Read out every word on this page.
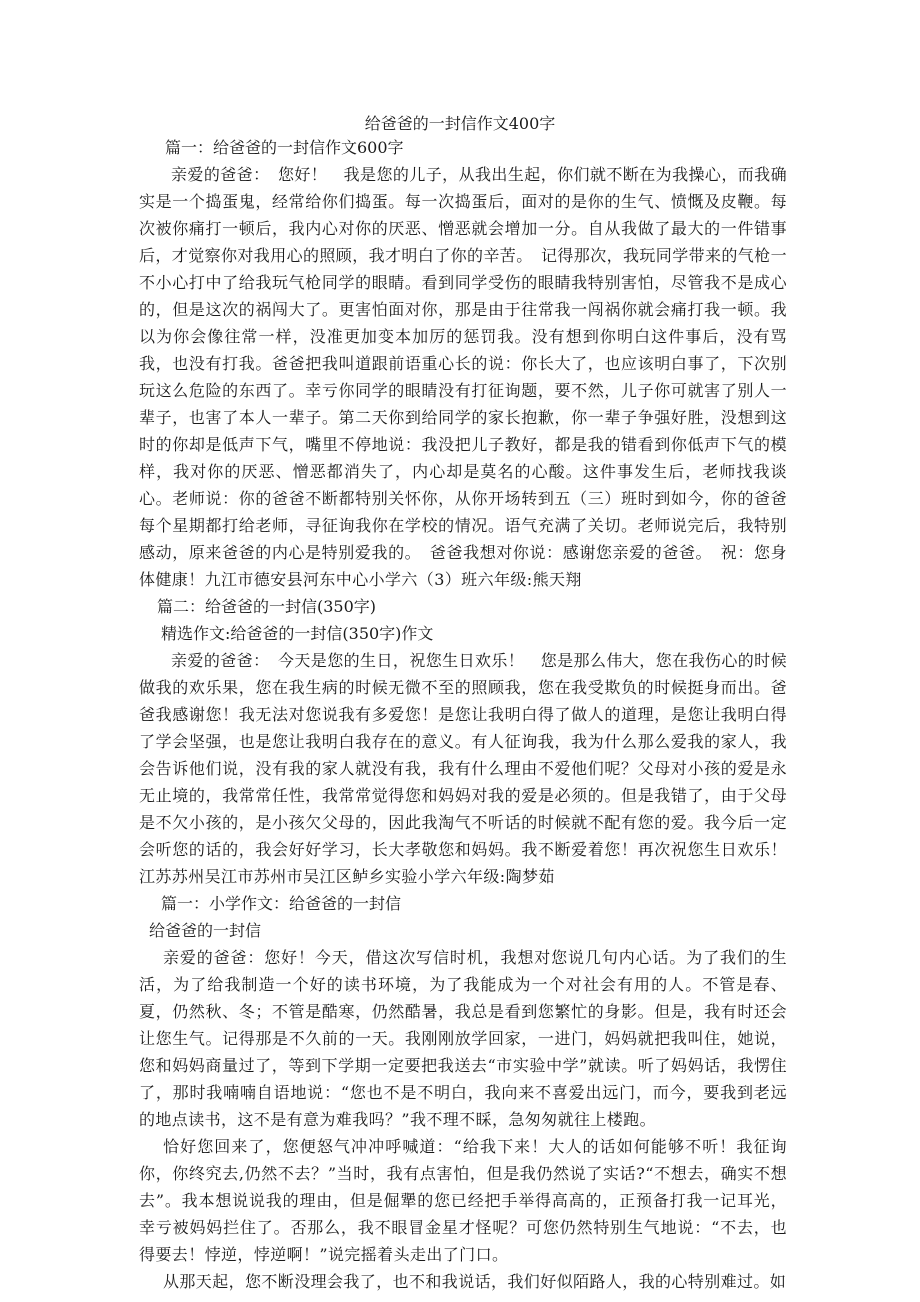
给爸爸的一封信作文400字

篇一：给爸爸的一封信作文600字

亲爱的爸爸：　您好！　我是您的儿子，从我出生起，你们就不断在为我操心，而我确实是一个捣蛋鬼，经常给你们捣蛋。每一次捣蛋后，面对的是你的生气、愤慨及皮鞭。每次被你痛打一顿后，我内心对你的厌恶、憎恶就会增加一分。自从我做了最大的一件错事后，才觉察你对我用心的照顾，我才明白了你的辛苦。　记得那次，我玩同学带来的气枪一不小心打中了给我玩气枪同学的眼睛。看到同学受伤的眼睛我特别害怕，尽管我不是成心的，但是这次的祸闯大了。更害怕面对你，那是由于往常我一闯祸你就会痛打我一顿。我以为你会像往常一样，没准更加变本加厉的惩罚我。没有想到你明白这件事后，没有骂我，也没有打我。爸爸把我叫道跟前语重心长的说：你长大了，也应该明白事了，下次别玩这么危险的东西了。幸亏你同学的眼睛没有打征询题，要不然，儿子你可就害了别人一辈子，也害了本人一辈子。第二天你到给同学的家长抱歉，你一辈子争强好胜，没想到这时的你却是低声下气，嘴里不停地说：我没把儿子教好，都是我的错看到你低声下气的模样，我对你的厌恶、憎恶都消失了，内心却是莫名的心酸。这件事发生后，老师找我谈心。老师说：你的爸爸不断都特别关怀你，从你开场转到五（三）班时到如今，你的爸爸每个星期都打给老师，寻征询我你在学校的情况。语气充满了关切。老师说完后，我特别感动，原来爸爸的内心是特别爱我的。　爸爸我想对你说：感谢您亲爱的爸爸。　祝：您身体健康！九江市德安县河东中心小学六（3）班六年级:熊天翔

篇二：给爸爸的一封信(350字)

精选作文:给爸爸的一封信(350字)作文

亲爱的爸爸：　今天是您的生日，祝您生日欢乐！　您是那么伟大，您在我伤心的时候做我的欢乐果，您在我生病的时候无微不至的照顾我，您在我受欺负的时候挺身而出。爸爸我感谢您！我无法对您说我有多爱您！是您让我明白得了做人的道理，是您让我明白得了学会坚强，也是您让我明白我存在的意义。有人征询我，我为什么那么爱我的家人，我会告诉他们说，没有我的家人就没有我，我有什么理由不爱他们呢？父母对小孩的爱是永无止境的，我常常任性，我常常觉得您和妈妈对我的爱是必须的。但是我错了，由于父母是不欠小孩的，是小孩欠父母的，因此我淘气不听话的时候就不配有您的爱。我今后一定会听您的话的，我会好好学习，长大孝敬您和妈妈。我不断爱着您！再次祝您生日欢乐！江苏苏州吴江市苏州市吴江区鲈乡实验小学六年级:陶梦茹

篇一：小学作文：给爸爸的一封信

给爸爸的一封信

亲爱的爸爸：您好！今天，借这次写信时机，我想对您说几句内心话。为了我们的生活，为了给我制造一个好的读书环境，为了我能成为一个对社会有用的人。不管是春、夏，仍然秋、冬；不管是酷寒，仍然酷暑，我总是看到您繁忙的身影。但是，我有时还会让您生气。记得那是不久前的一天。我刚刚放学回家，一进门，妈妈就把我叫住，她说，您和妈妈商量过了，等到下学期一定要把我送去“市实验中学”就读。听了妈妈话，我愣住了，那时我喃喃自语地说：“您也不是不明白，我向来不喜爱出远门，而今，要我到老远的地点读书，这不是有意为难我吗？”我不理不睬，急匆匆就往上楼跑。

恰好您回来了，您便怒气冲冲呼喊道：“给我下来！大人的话如何能够不听！我征询你，你终究去,仍然不去？”当时，我有点害怕，但是我仍然说了实话?“不想去，确实不想去”。我本想说说我的理由，但是倔犟的您已经把手举得高高的，正预备打我一记耳光，幸亏被妈妈拦住了。否那么，我不眼冒金星才怪呢？可您仍然特别生气地说：“不去，也得要去！悖逆，悖逆啊！”说完摇着头走出了门口。

从那天起，您不断没理会我了，也不和我说话，我们好似陌路人，我的心特别难过。如
